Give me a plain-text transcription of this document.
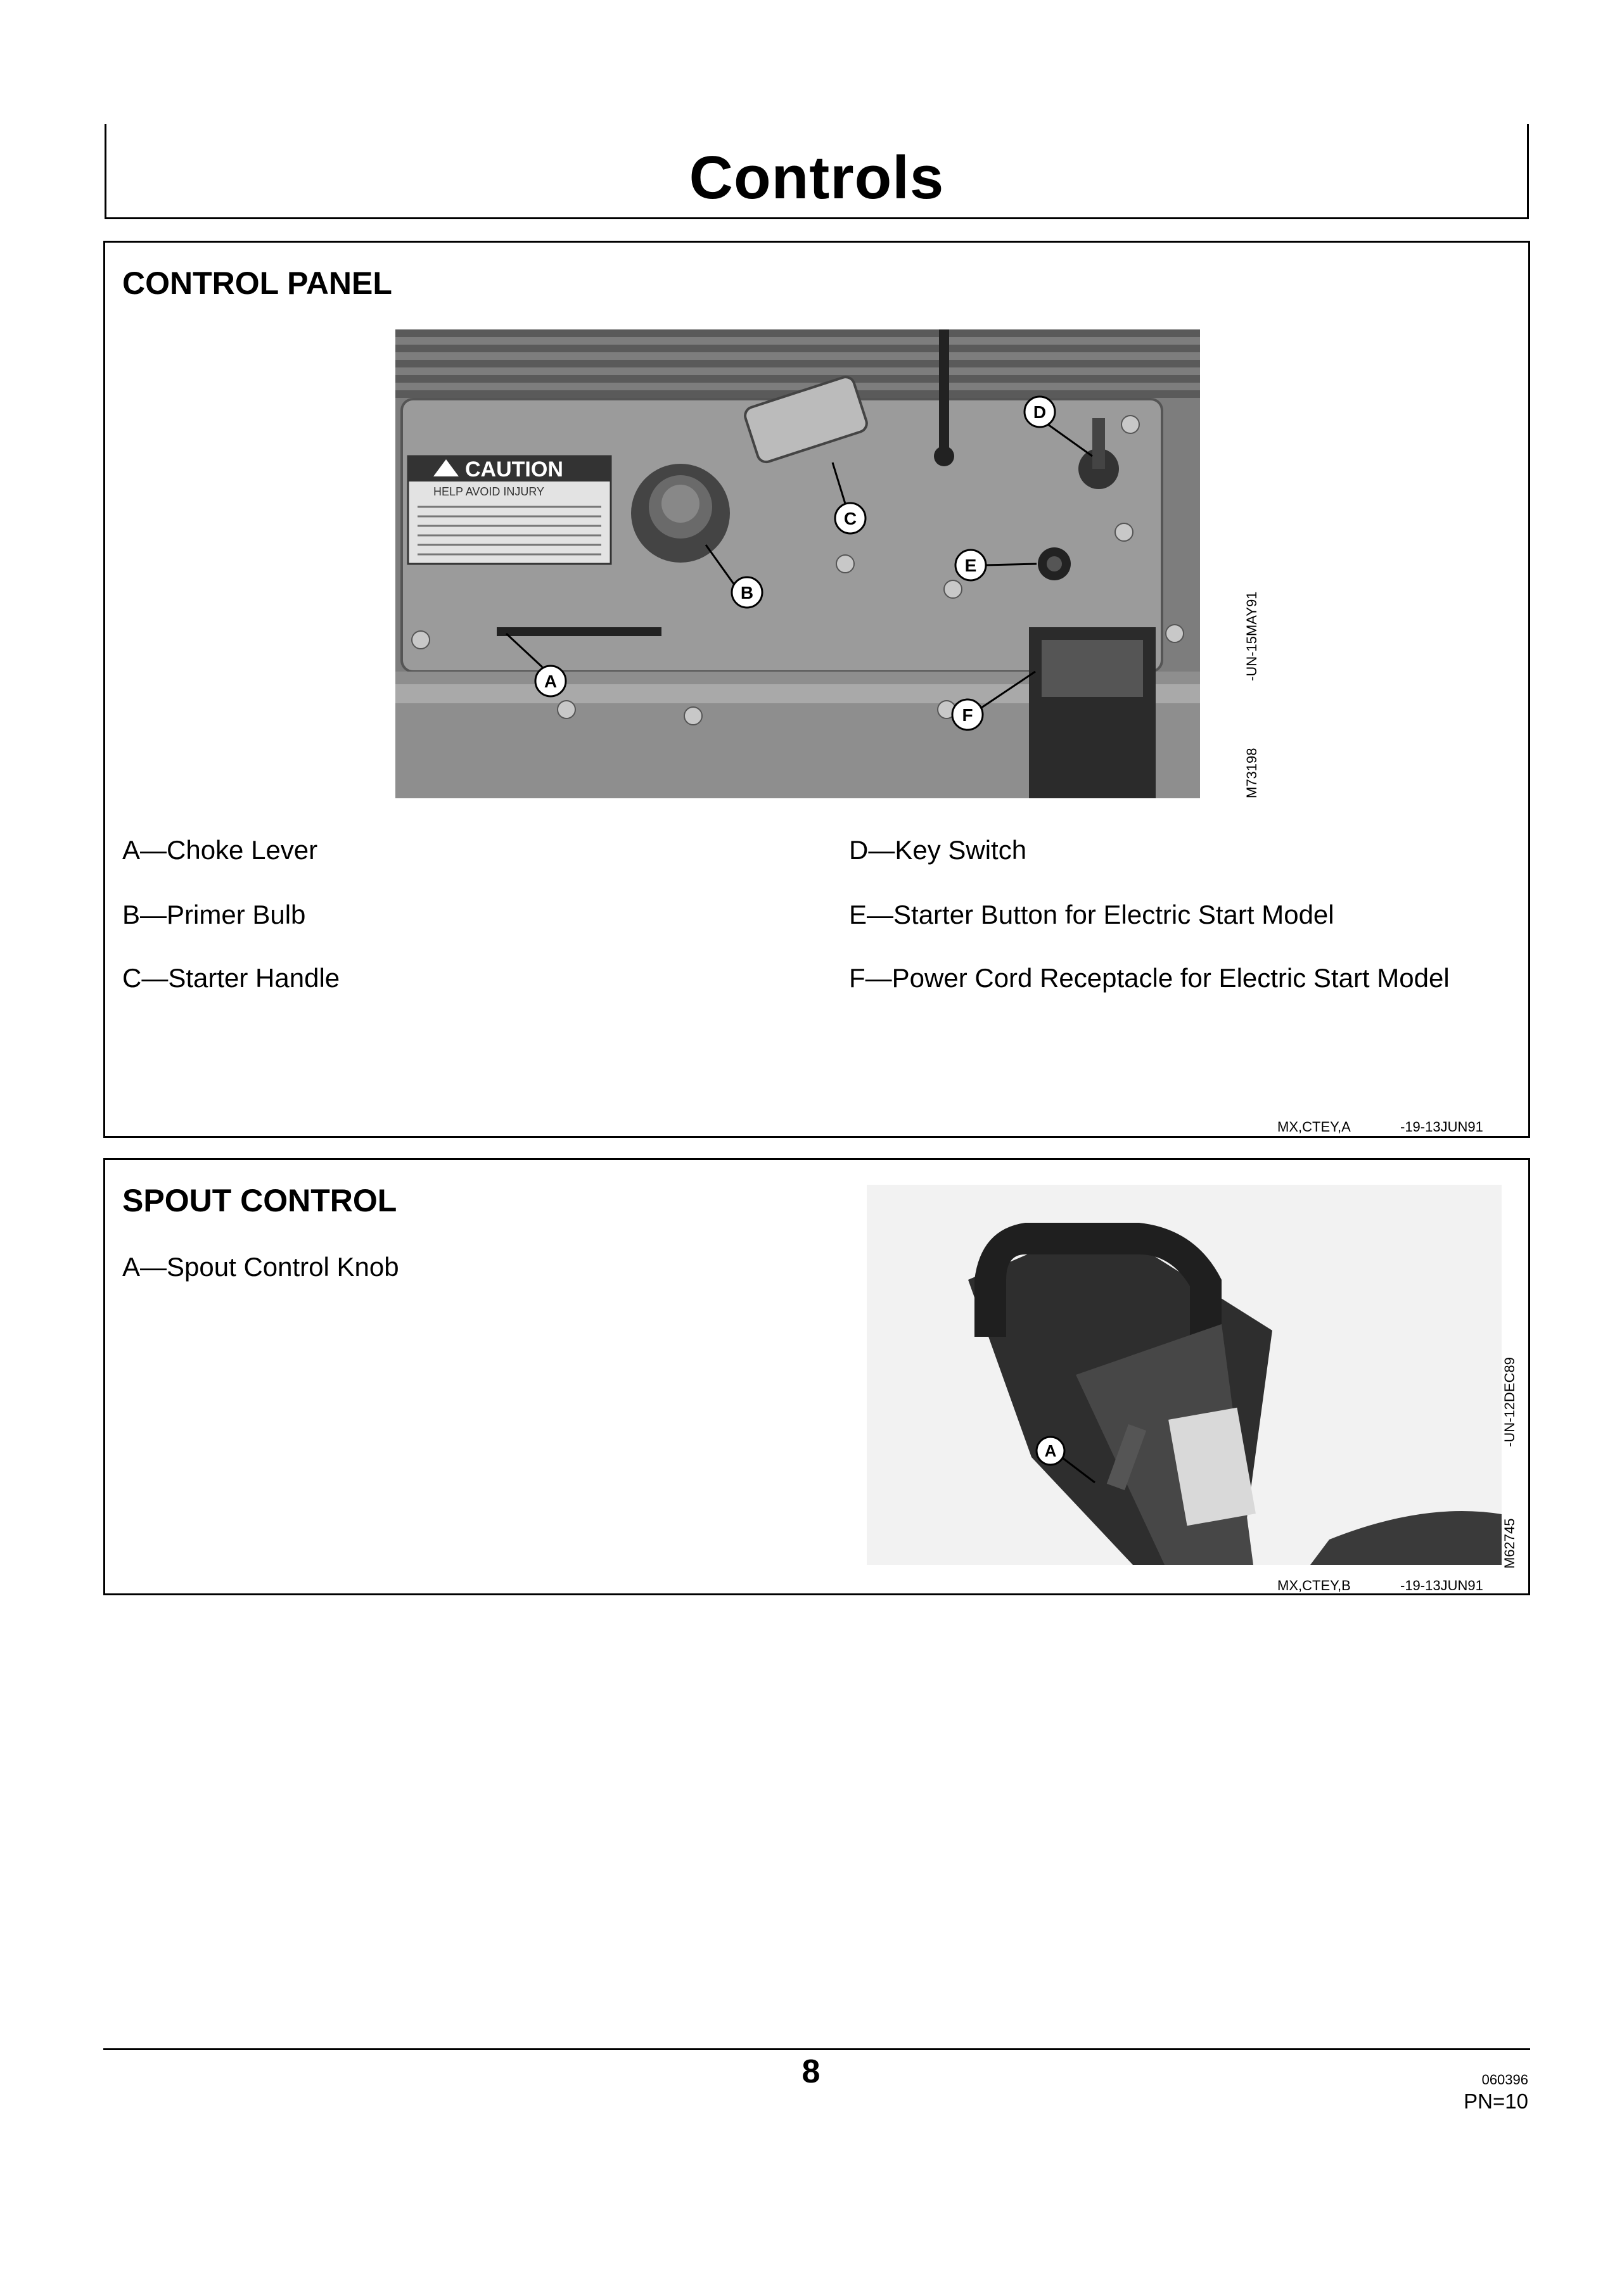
Controls
CONTROL PANEL
CAUTION
HELP AVOID INJURY
A
B
C
D
E
F
-UN-15MAY91
M73198
A—Choke Lever
B—Primer Bulb
C—Starter Handle
D—Key Switch
E—Starter Button for Electric Start Model
F—Power Cord Receptacle for Electric Start Model
MX,CTEY,A	-19-13JUN91
SPOUT CONTROL
A—Spout Control Knob
A
-UN-12DEC89
M62745
MX,CTEY,B	-19-13JUN91
8	060396
PN=10
